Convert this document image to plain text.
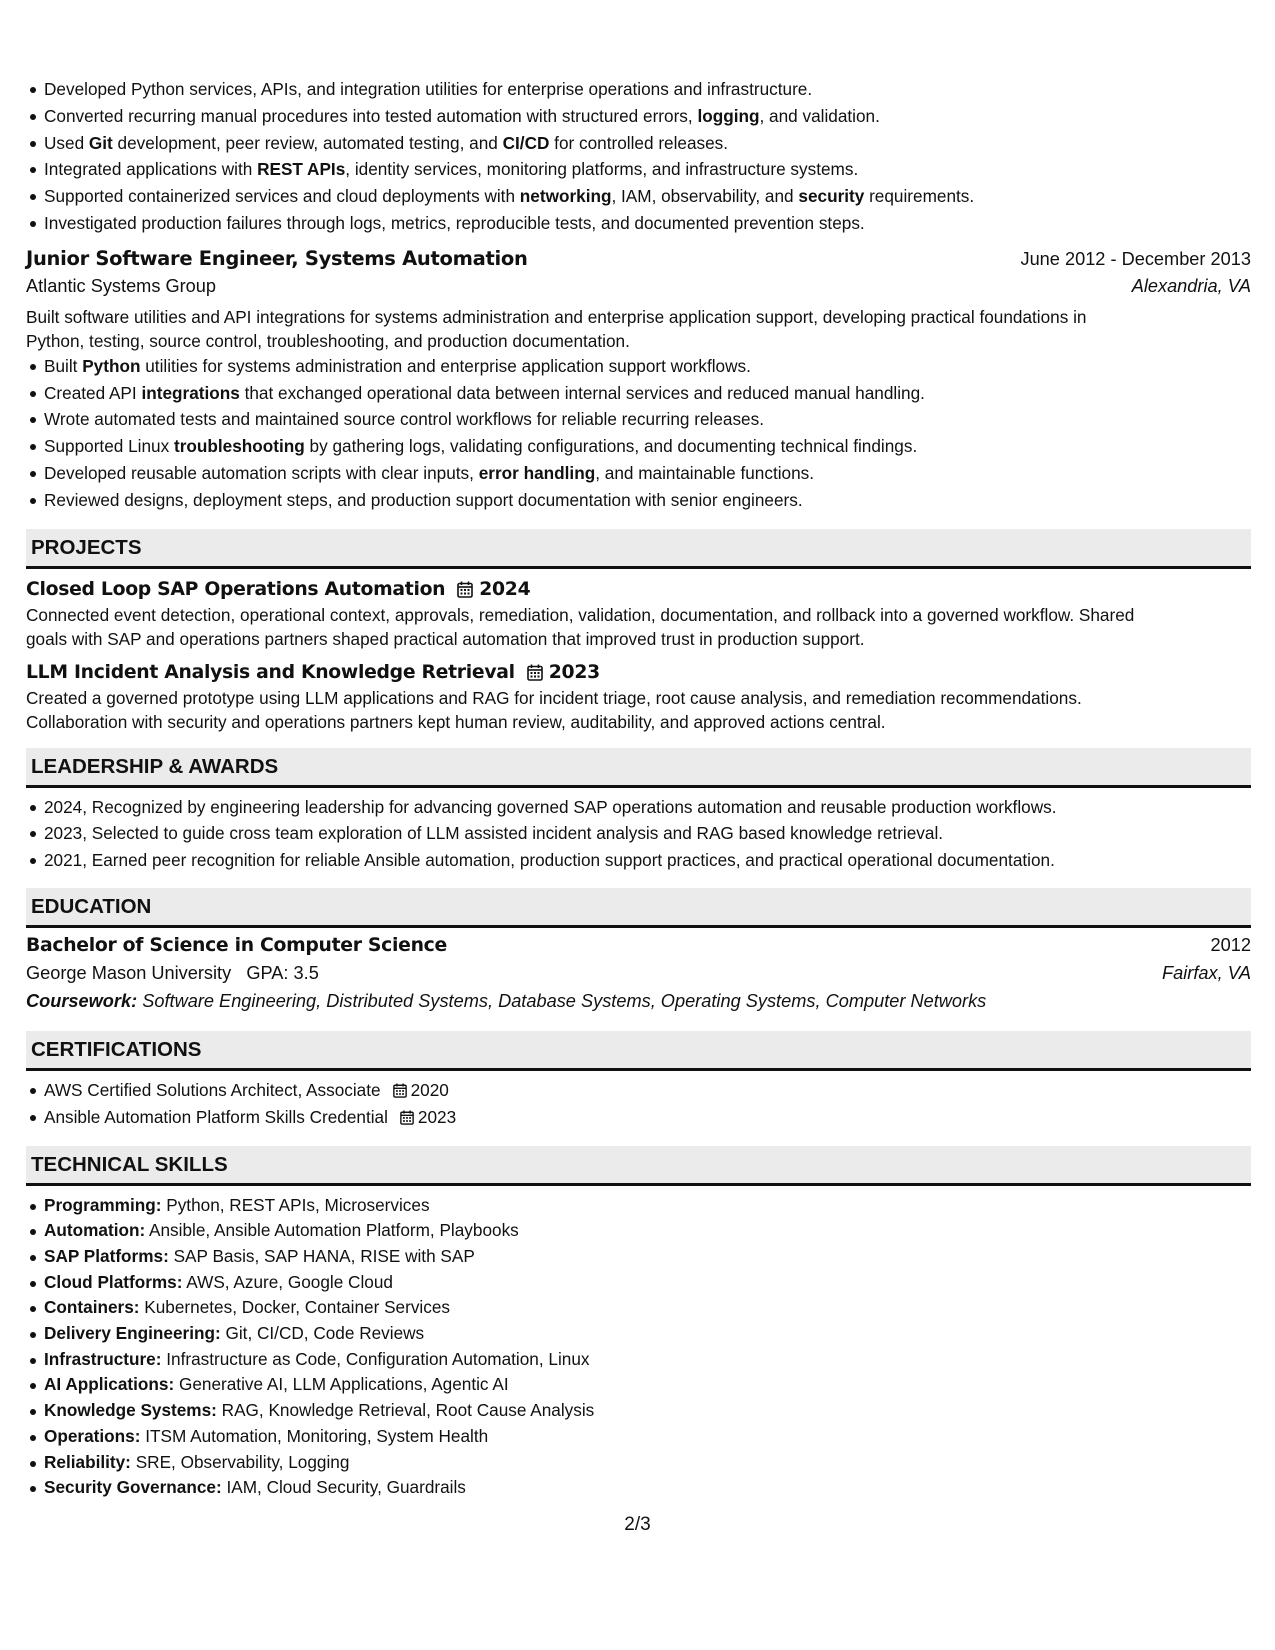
Developed Python services, APIs, and integration utilities for enterprise operations and infrastructure.
Converted recurring manual procedures into tested automation with structured errors, logging, and validation.
Used Git development, peer review, automated testing, and CI/CD for controlled releases.
Integrated applications with REST APIs, identity services, monitoring platforms, and infrastructure systems.
Supported containerized services and cloud deployments with networking, IAM, observability, and security requirements.
Investigated production failures through logs, metrics, reproducible tests, and documented prevention steps.
Junior Software Engineer, Systems Automation	June 2012 - December 2013
Atlantic Systems Group	Alexandria, VA

Built software utilities and API integrations for systems administration and enterprise application support, developing practical foundations in
Python, testing, source control, troubleshooting, and production documentation.

Built Python utilities for systems administration and enterprise application support workflows.
Created API integrations that exchanged operational data between internal services and reduced manual handling.
Wrote automated tests and maintained source control workflows for reliable recurring releases.
Supported Linux troubleshooting by gathering logs, validating configurations, and documenting technical findings.
Developed reusable automation scripts with clear inputs, error handling, and maintainable functions.
Reviewed designs, deployment steps, and production support documentation with senior engineers.
PROJECTS
Closed Loop SAP Operations Automation 2024

Connected event detection, operational context, approvals, remediation, validation, documentation, and rollback into a governed workflow. Shared
goals with SAP and operations partners shaped practical automation that improved trust in production support.

LLM Incident Analysis and Knowledge Retrieval 2023

Created a governed prototype using LLM applications and RAG for incident triage, root cause analysis, and remediation recommendations.
Collaboration with security and operations partners kept human review, auditability, and approved actions central.

LEADERSHIP & AWARDS
2024, Recognized by engineering leadership for advancing governed SAP operations automation and reusable production workflows.
2023, Selected to guide cross team exploration of LLM assisted incident analysis and RAG based knowledge retrieval.
2021, Earned peer recognition for reliable Ansible automation, production support practices, and practical operational documentation.
EDUCATION
Bachelor of Science in Computer Science	2012
George Mason University GPA: 3.5	Fairfax, VA
Coursework: Software Engineering, Distributed Systems, Database Systems, Operating Systems, Computer Networks
CERTIFICATIONS
AWS Certified Solutions Architect, Associate 2020
Ansible Automation Platform Skills Credential 2023
TECHNICAL SKILLS
Programming: Python, REST APIs, Microservices
Automation: Ansible, Ansible Automation Platform, Playbooks
SAP Platforms: SAP Basis, SAP HANA, RISE with SAP
Cloud Platforms: AWS, Azure, Google Cloud
Containers: Kubernetes, Docker, Container Services
Delivery Engineering: Git, CI/CD, Code Reviews
Infrastructure: Infrastructure as Code, Configuration Automation, Linux
AI Applications: Generative AI, LLM Applications, Agentic AI
Knowledge Systems: RAG, Knowledge Retrieval, Root Cause Analysis
Operations: ITSM Automation, Monitoring, System Health
Reliability: SRE, Observability, Logging
Security Governance: IAM, Cloud Security, Guardrails
2/3
